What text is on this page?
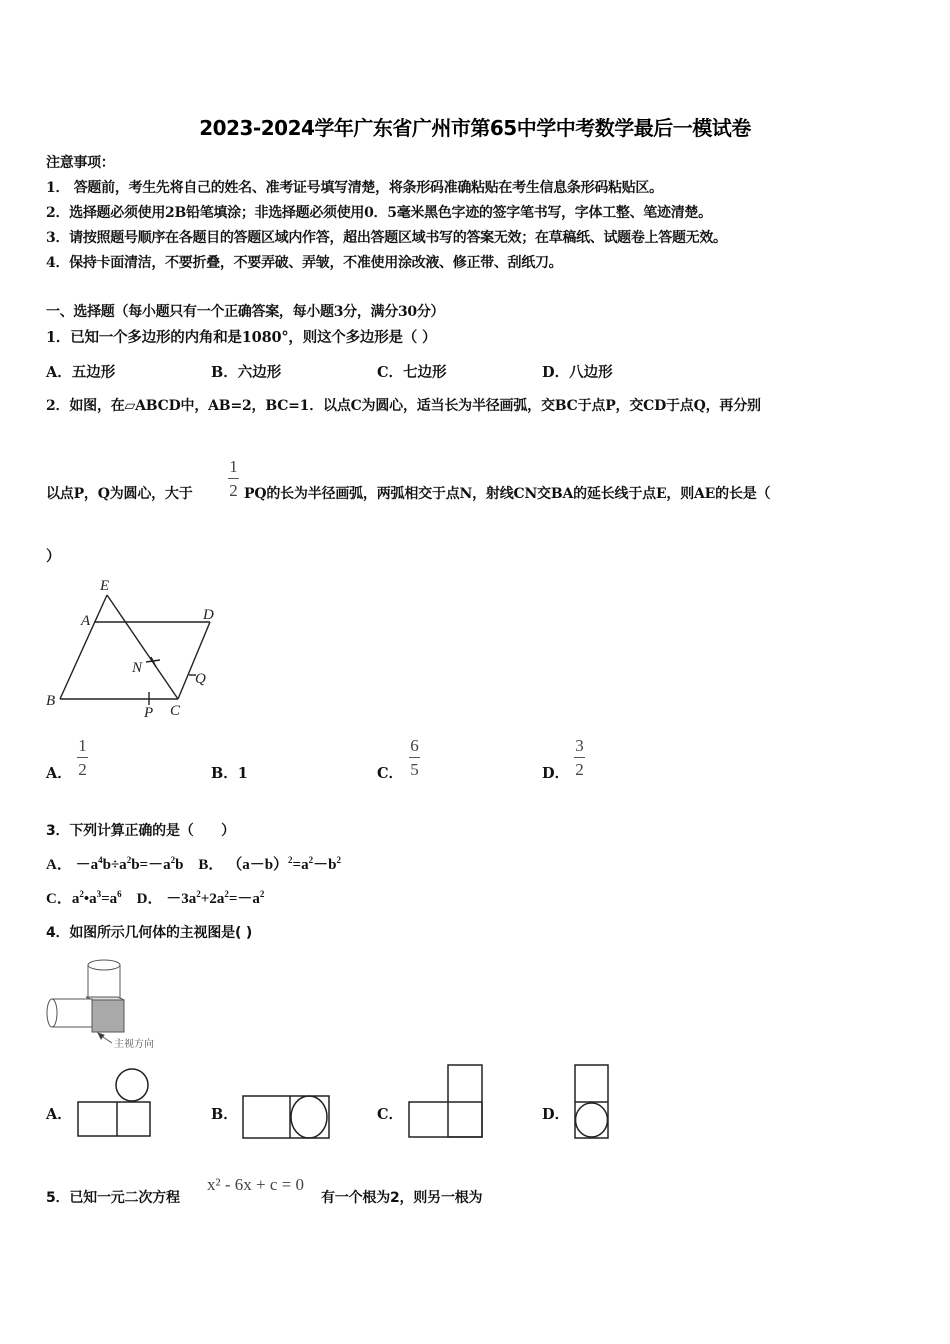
2023-2024学年广东省广州市第65中学中考数学最后一模试卷
注意事项：
1． 答题前，考生先将自己的姓名、准考证号填写清楚，将条形码准确粘贴在考生信息条形码粘贴区。
2．选择题必须使用2B铅笔填涂；非选择题必须使用0．5毫米黑色字迹的签字笔书写，字体工整、笔迹清楚。
3．请按照题号顺序在各题目的答题区域内作答，超出答题区域书写的答案无效；在草稿纸、试题卷上答题无效。
4．保持卡面清洁，不要折叠，不要弄破、弄皱，不准使用涂改液、修正带、刮纸刀。
一、选择题（每小题只有一个正确答案，每小题3分，满分30分）
1．已知一个多边形的内角和是1080°，则这个多边形是（ ）
A．五边形	B．六边形	C．七边形	D．八边形
2．如图，在▱ABCD中，AB=2，BC=1．以点C为圆心，适当长为半径画弧，交BC于点P，交CD于点Q，再分别
以点P，Q为圆心，大于
1
2 PQ的长为半径画弧，两弧相交于点N，射线CN交BA的延长线于点E，则AE的长是（
）
E
A	D
N
Q
B
P C
A．
1
2	B．1	C．
6
5	D．
3
2
3．下列计算正确的是（　　）
A． $-a^4b\div a^2b=-a^2b$ B． $(a-b)^2=a^2-b^2$
C．$a^2•a^3=a^6$ D． $-3a^2+2a^2=-a^2$
4．如图所示几何体的主视图是( )
主视方向
A．	B．	C．	D．
5．已知一元二次方程
x² - 6x + c = 0
有一个根为2，则另一根为
